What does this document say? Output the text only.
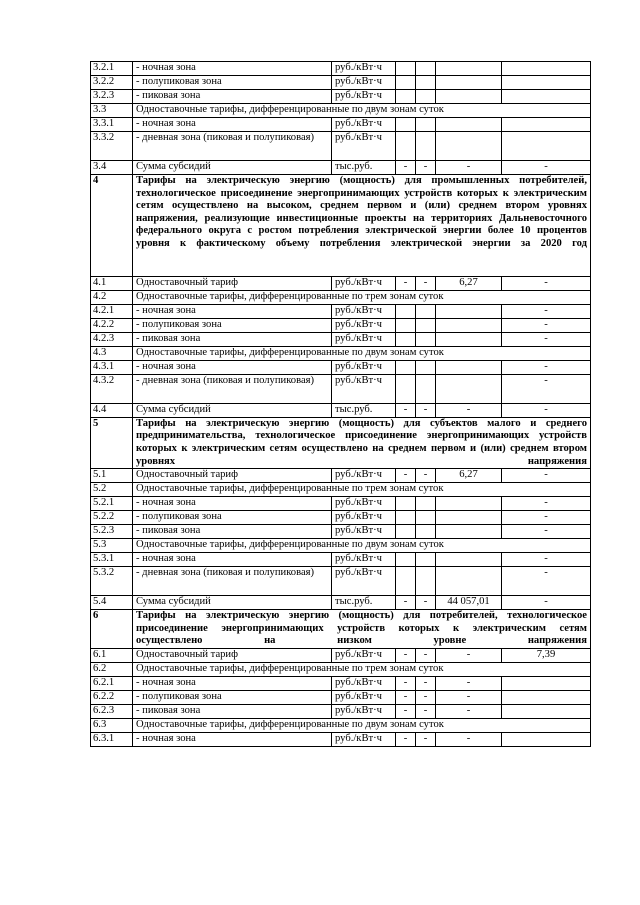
3.2.1	- ночная зона	руб./кВт·ч				
3.2.2	- полупиковая зона	руб./кВт·ч				
3.2.3	- пиковая зона	руб./кВт·ч				
3.3	Одноставочные тарифы, дифференцированные по двум зонам суток					
3.3.1	- ночная зона	руб./кВт·ч				
3.3.2	- дневная зона (пиковая и полупиковая)	руб./кВт·ч				
3.4	Сумма субсидий	тыс.руб.	-	-	-	-
4	Тарифы на электрическую энергию (мощность) для промышленных потребителей, технологическое присоединение энергопринимающих устройств которых к электрическим сетям осуществлено на высоком, среднем первом и (или) среднем втором уровнях напряжения, реализующие инвестиционные проекты на территориях Дальневосточного федерального округа с ростом потребления электрической энергии более 10 процентов уровня к фактическому объему потребления электрической энергии за 2020 год					
4.1	Одноставочный тариф	руб./кВт·ч	-	-	6,27	-
4.2	Одноставочные тарифы, дифференцированные по трем зонам суток					
4.2.1	- ночная зона	руб./кВт·ч				-
4.2.2	- полупиковая зона	руб./кВт·ч				-
4.2.3	- пиковая зона	руб./кВт·ч				-
4.3	Одноставочные тарифы, дифференцированные по двум зонам суток					
4.3.1	- ночная зона	руб./кВт·ч				-
4.3.2	- дневная зона (пиковая и полупиковая)	руб./кВт·ч				-
4.4	Сумма субсидий	тыс.руб.	-	-	-	-
5	Тарифы на электрическую энергию (мощность) для субъектов малого и среднего предпринимательства, технологическое присоединение энергопринимающих устройств которых к электрическим сетям осуществлено на среднем первом и (или) среднем втором уровнях напряжения					
5.1	Одноставочный тариф	руб./кВт·ч	-	-	6,27	-
5.2	Одноставочные тарифы, дифференцированные по трем зонам суток					
5.2.1	- ночная зона	руб./кВт·ч				-
5.2.2	- полупиковая зона	руб./кВт·ч				-
5.2.3	- пиковая зона	руб./кВт·ч				-
5.3	Одноставочные тарифы, дифференцированные по двум зонам суток					
5.3.1	- ночная зона	руб./кВт·ч				-
5.3.2	- дневная зона (пиковая и полупиковая)	руб./кВт·ч				-
5.4	Сумма субсидий	тыс.руб.	-	-	44 057,01	-
6	Тарифы на электрическую энергию (мощность) для потребителей, технологическое присоединение энергопринимающих устройств которых к электрическим сетям осуществлено на низком уровне напряжения					
6.1	Одноставочный тариф	руб./кВт·ч	-	-	-	7,39
6.2	Одноставочные тарифы, дифференцированные по трем зонам суток					
6.2.1	- ночная зона	руб./кВт·ч	-	-	-	
6.2.2	- полупиковая зона	руб./кВт·ч	-	-	-	
6.2.3	- пиковая зона	руб./кВт·ч	-	-	-	
6.3	Одноставочные тарифы, дифференцированные по двум зонам суток					
6.3.1	- ночная зона	руб./кВт·ч	-	-	-	
